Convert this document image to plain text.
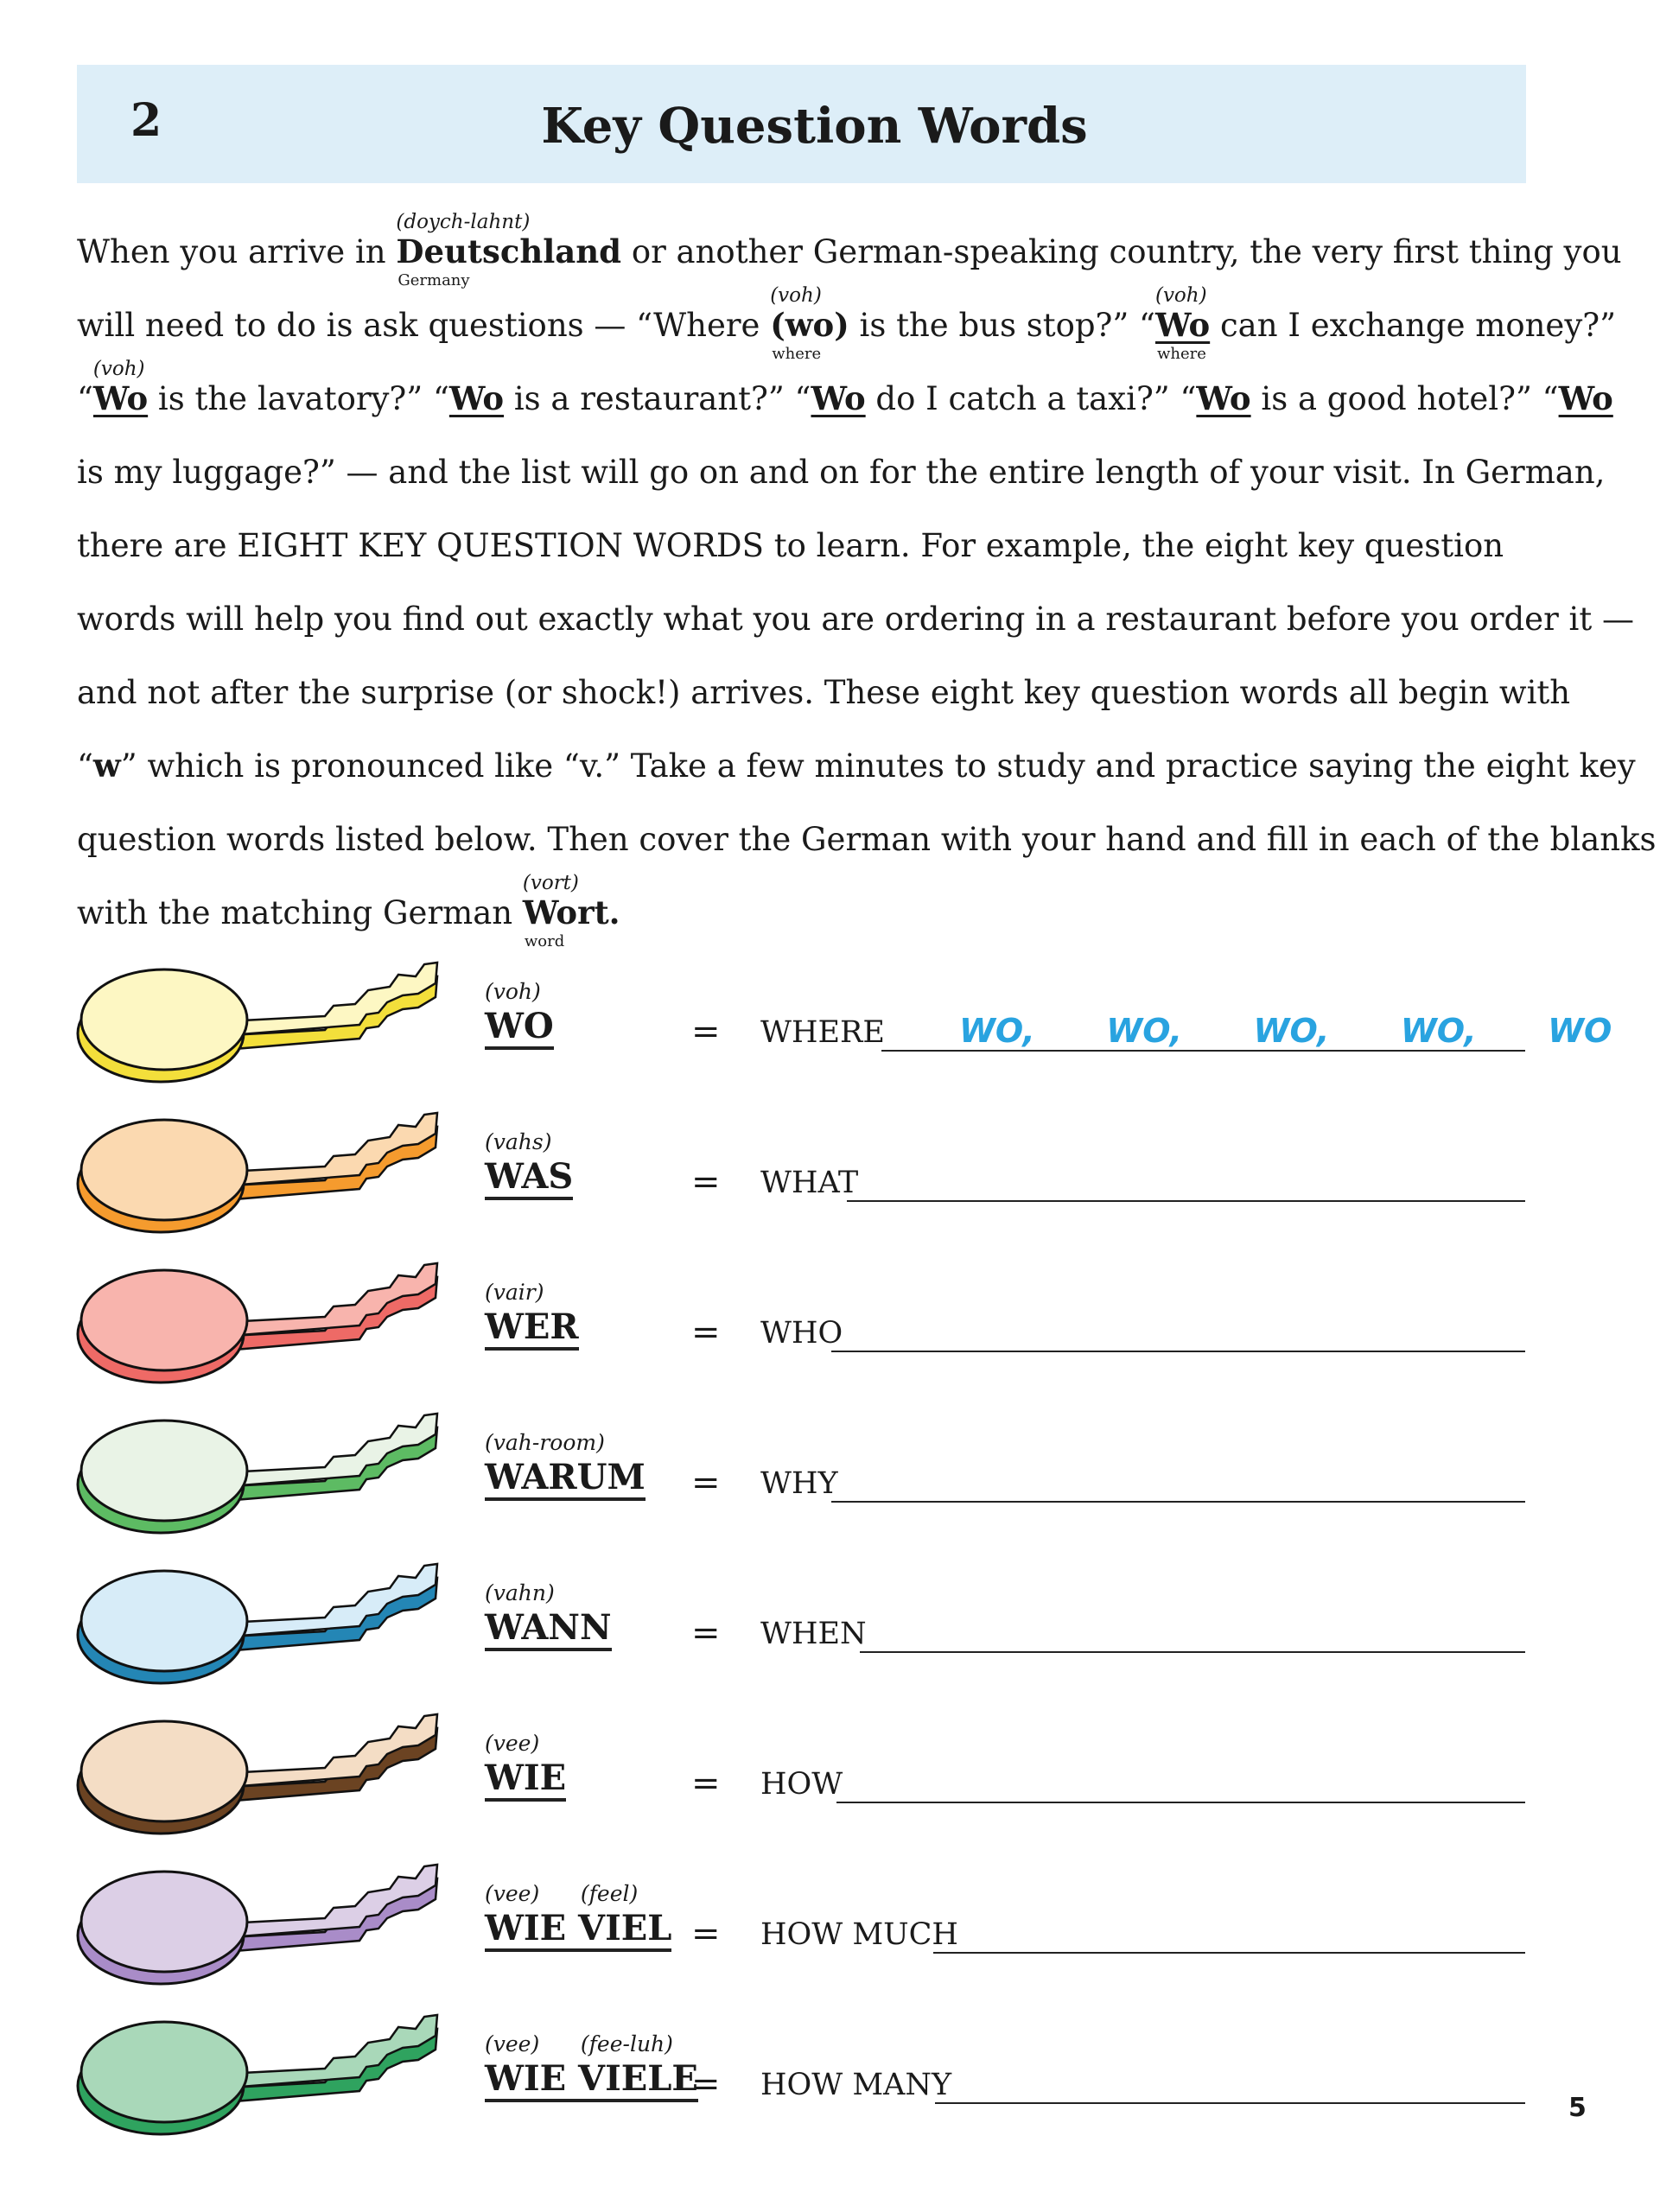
2	Key Question Words
When you arrive in
(doych-lahnt)
Deutschland
Germany
or another German-speaking country, the very first thing you
will need to do is ask questions — “Where
(voh)
(wo)
where
is the bus stop?” “
(voh)
Wo
where
can I exchange money?”
“
(voh)
Wo is the lavatory?” “Wo is a restaurant?” “Wo do I catch a taxi?” “Wo is a good hotel?” “Wo
is my luggage?” — and the list will go on and on for the entire length of your visit. In German,
there are EIGHT KEY QUESTION WORDS to learn. For example, the eight key question
words will help you find out exactly what you are ordering in a restaurant before you order it —
and not after the surprise (or shock!) arrives. These eight key question words all begin with
“w” which is pronounced like “v.” Take a few minutes to study and practice saying the eight key
question words listed below. Then cover the German with your hand and fill in each of the blanks
with the matching German
(vort)
Wort.
word
(voh)
WO	= WHERE WO,  WO,  WO,  WO,  WO
(vahs)
WAS	= WHAT
(vair)
WER	= WHO
(vah-room)
WARUM = WHY
(vahn)
WANN = WHEN
(vee)
WIE	= HOW
(vee)      (feel)
WIE VIEL = HOW MUCH
(vee)      (fee-luh)
WIE VIELE
= HOW MANY
5
